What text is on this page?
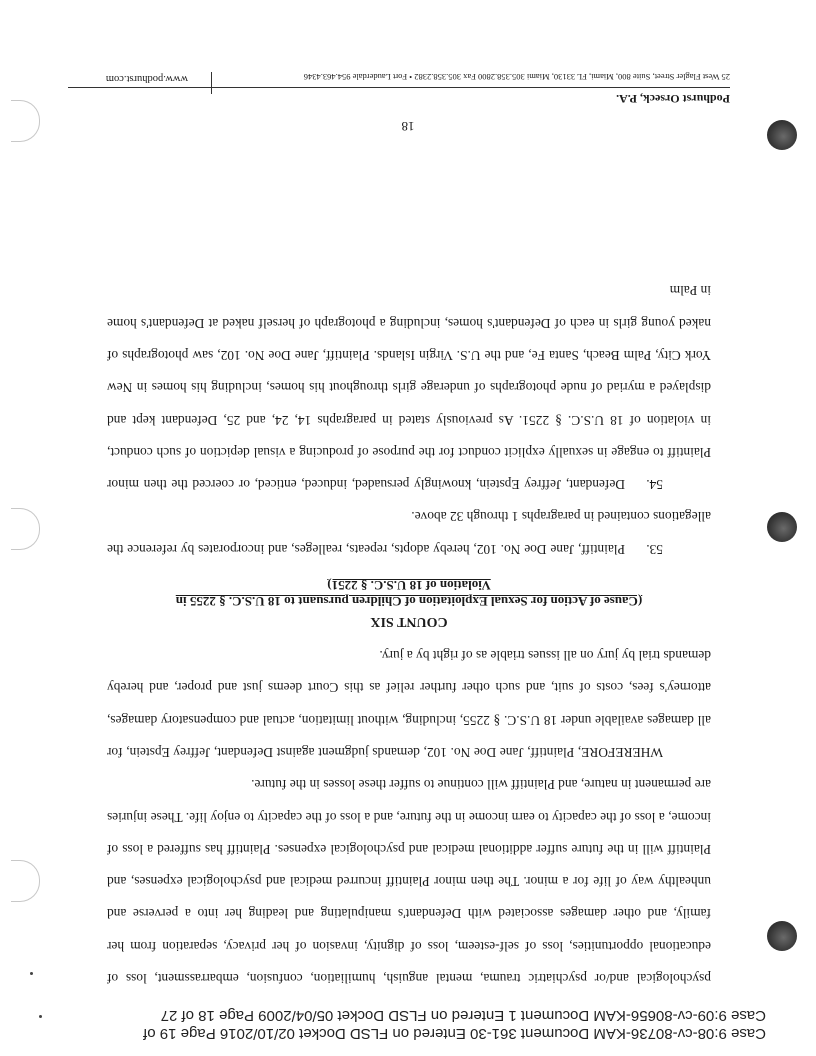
Case 9:08-cv-80736-KAM Document 361-30 Entered on FLSD Docket 02/10/2016 Page 19 of
Case 9:09-cv-80656-KAM Document 1 Entered on FLSD Docket 05/04/2009 Page 18 of 27

psychological and/or psychiatric trauma, mental anguish, humiliation, confusion, embarrassment, loss of educational opportunities, loss of self-esteem, loss of dignity, invasion of her privacy, separation from her family, and other damages associated with Defendant's manipulating and leading her into a perverse and unhealthy way of life for a minor. The then minor Plaintiff incurred medical and psychological expenses, and Plaintiff will in the future suffer additional medical and psychological expenses. Plaintiff has suffered a loss of income, a loss of the capacity to earn income in the future, and a loss of the capacity to enjoy life. These injuries are permanent in nature, and Plaintiff will continue to suffer these losses in the future.

WHEREFORE, Plaintiff, Jane Doe No. 102, demands judgment against Defendant, Jeffrey Epstein, for all damages available under 18 U.S.C. § 2255, including, without limitation, actual and compensatory damages, attorney's fees, costs of suit, and such other further relief as this Court deems just and proper, and hereby demands trial by jury on all issues triable as of right by a jury.

COUNT SIX
(Cause of Action for Sexual Exploitation of Children pursuant to 18 U.S.C. § 2255 in
Violation of 18 U.S.C. § 2251)

53.Plaintiff, Jane Doe No. 102, hereby adopts, repeats, realleges, and incorporates by reference the allegations contained in paragraphs 1 through 32 above.

54.Defendant, Jeffrey Epstein, knowingly persuaded, induced, enticed, or coerced the then minor Plaintiff to engage in sexually explicit conduct for the purpose of producing a visual depiction of such conduct, in violation of 18 U.S.C. § 2251. As previously stated in paragraphs 14, 24, and 25, Defendant kept and displayed a myriad of nude photographs of underage girls throughout his homes, including his homes in New York City, Palm Beach, Santa Fe, and the U.S. Virgin Islands. Plaintiff, Jane Doe No. 102, saw photographs of naked young girls in each of Defendant's homes, including a photograph of herself naked at Defendant's home in Palm

18
Podhurst Orseck, P.A.
25 West Flagler Street, Suite 800, Miami, FL 33130, Miami 305.358.2800 Fax 305.358.2382 • Fort Lauderdale 954.463.4346
www.podhurst.com
